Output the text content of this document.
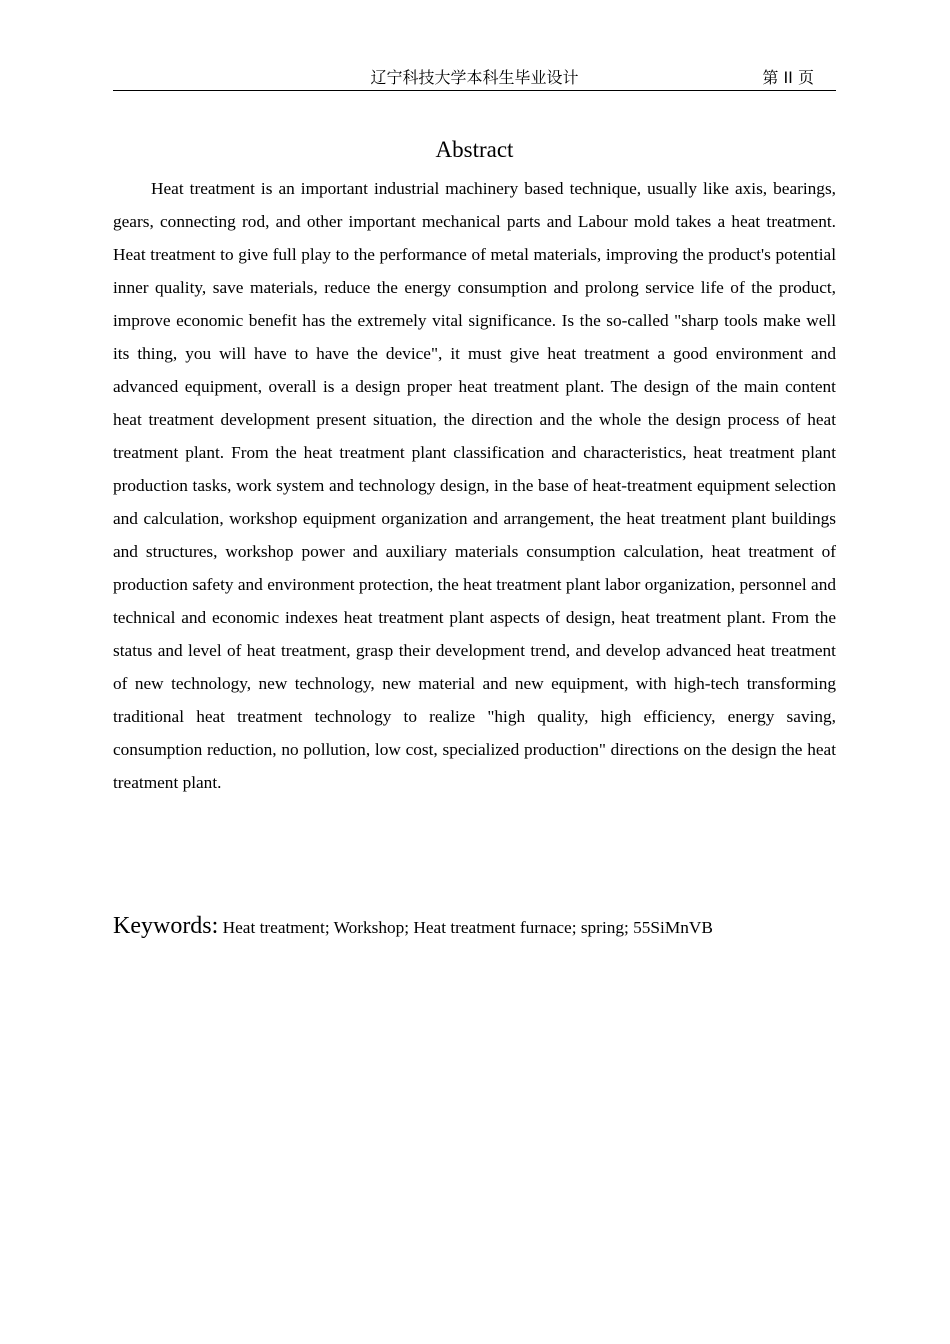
辽宁科技大学本科生毕业设计	第 II 页
Abstract

Heat treatment is an important industrial machinery based technique, usually like axis, bearings, gears, connecting rod, and other important mechanical parts and Labour mold takes a heat treatment. Heat treatment to give full play to the performance of metal materials, improving the product's potential inner quality, save materials, reduce the energy consumption and prolong service life of the product, improve economic benefit has the extremely vital significance. Is the so-called "sharp tools make well its thing, you will have to have the device", it must give heat treatment a good environment and advanced equipment, overall is a design proper heat treatment plant. The design of the main content heat treatment development present situation, the direction and the whole the design process of heat treatment plant. From the heat treatment plant classification and characteristics, heat treatment plant production tasks, work system and technology design, in the base of heat-treatment equipment selection and calculation, workshop equipment organization and arrangement, the heat treatment plant buildings and structures, workshop power and auxiliary materials consumption calculation, heat treatment of production safety and environment protection, the heat treatment plant labor organization, personnel and technical and economic indexes heat treatment plant aspects of design, heat treatment plant. From the status and level of heat treatment, grasp their development trend, and develop advanced heat treatment of new technology, new technology, new material and new equipment, with high-tech transforming traditional heat treatment technology to realize "high quality, high efficiency, energy saving, consumption reduction, no pollution, low cost, specialized production" directions on the design the heat treatment plant.

Keywords: Heat treatment; Workshop; Heat treatment furnace; spring; 55SiMnVB
